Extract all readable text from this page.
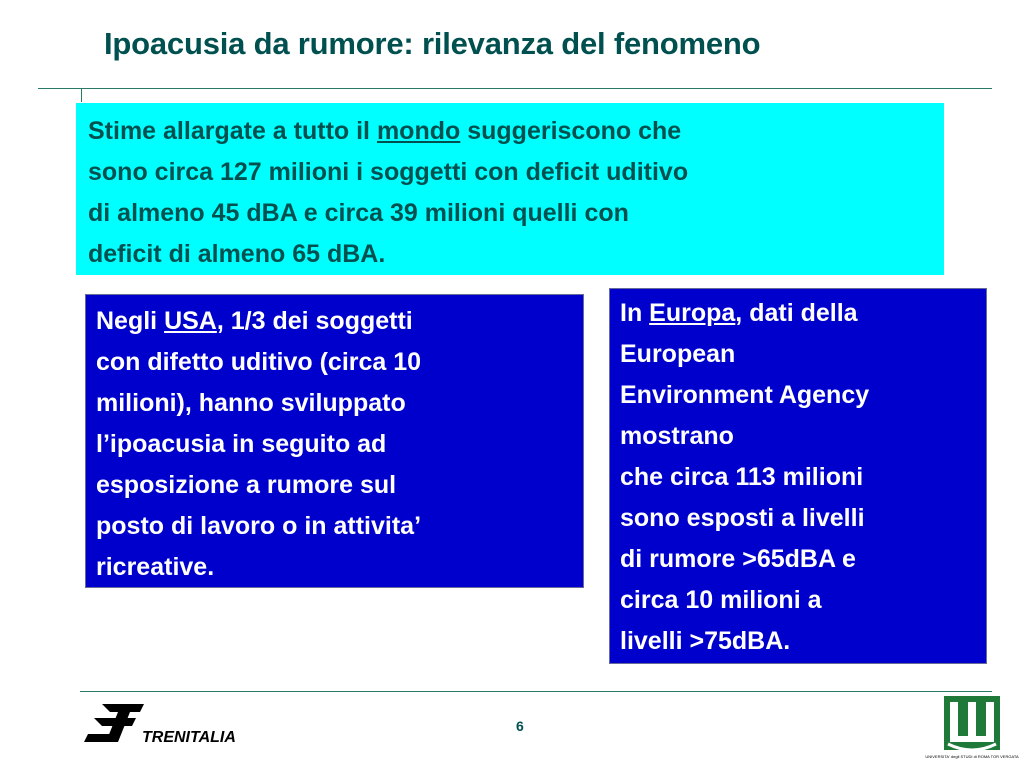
Ipoacusia da rumore: rilevanza del fenomeno
Stime allargate a tutto il mondo suggeriscono che
sono circa 127 milioni i soggetti con deficit uditivo
di almeno 45 dBA e circa 39 milioni quelli con
deficit di almeno 65 dBA.
Negli USA, 1/3 dei soggetti
con difetto uditivo (circa 10
milioni), hanno sviluppato
l’ipoacusia in seguito ad
esposizione a rumore sul
posto di lavoro o in attivita’
ricreative.
In Europa, dati della
European
Environment Agency
mostrano
che circa 113 milioni
sono esposti a livelli
di rumore >65dBA e
circa 10 milioni a
livelli >75dBA.
TRENITALIA
6
UNIVERSITA' degli STUDI di ROMA TOR VERGATA
